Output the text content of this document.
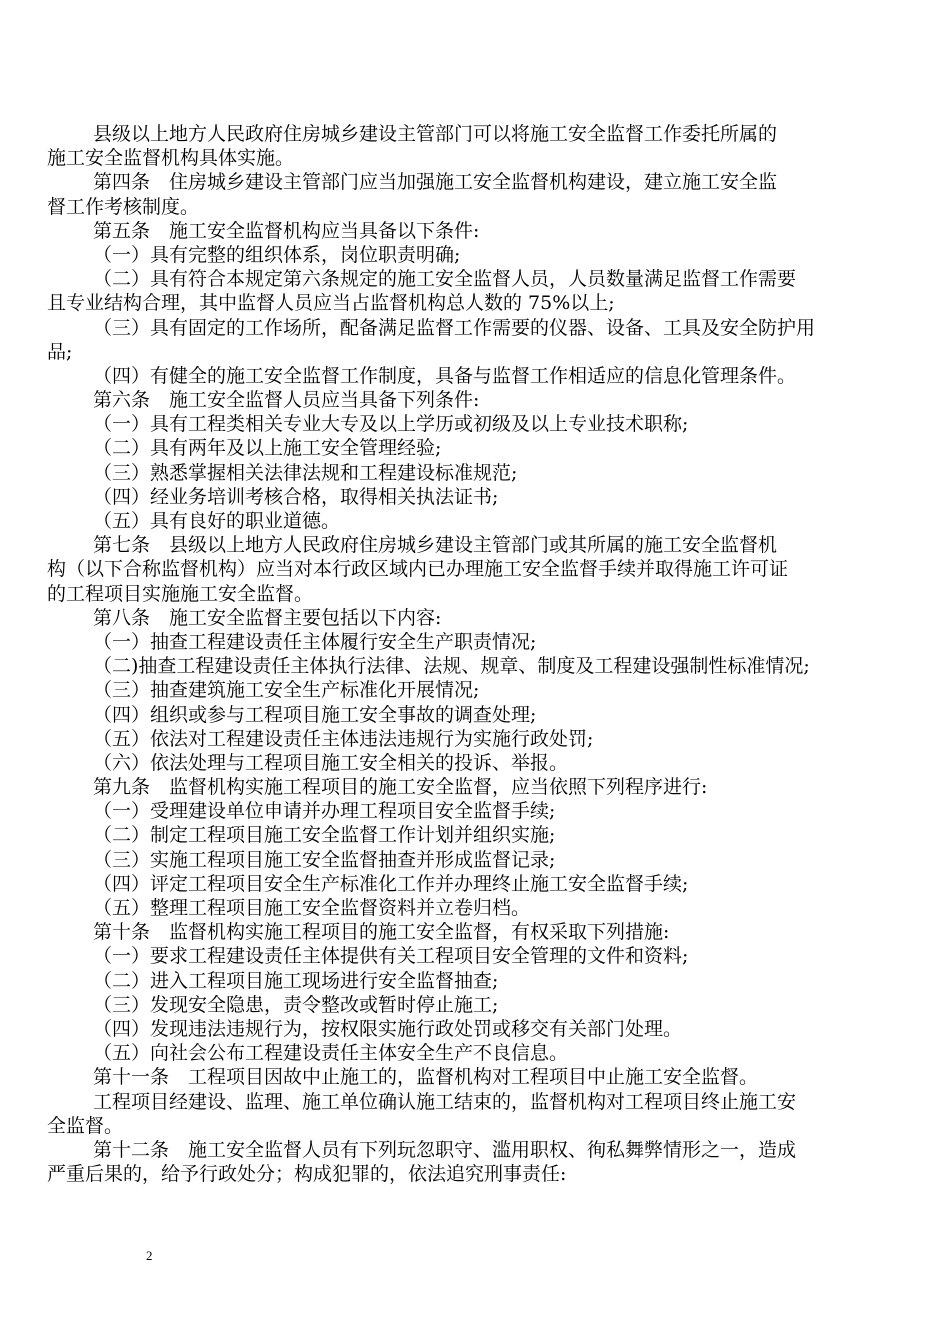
县级以上地方人民政府住房城乡建设主管部门可以将施工安全监督工作委托所属的
施工安全监督机构具体实施。
第四条　住房城乡建设主管部门应当加强施工安全监督机构建设，建立施工安全监
督工作考核制度。
第五条　施工安全监督机构应当具备以下条件:
（一）具有完整的组织体系，岗位职责明确;
（二）具有符合本规定第六条规定的施工安全监督人员，人员数量满足监督工作需要
且专业结构合理，其中监督人员应当占监督机构总人数的 75%以上;
（三）具有固定的工作场所，配备满足监督工作需要的仪器、设备、工具及安全防护用
品;
（四）有健全的施工安全监督工作制度，具备与监督工作相适应的信息化管理条件。
第六条　施工安全监督人员应当具备下列条件:
（一）具有工程类相关专业大专及以上学历或初级及以上专业技术职称;
（二）具有两年及以上施工安全管理经验;
（三）熟悉掌握相关法律法规和工程建设标准规范;
（四）经业务培训考核合格，取得相关执法证书;
（五）具有良好的职业道德。
第七条　县级以上地方人民政府住房城乡建设主管部门或其所属的施工安全监督机
构（以下合称监督机构）应当对本行政区域内已办理施工安全监督手续并取得施工许可证
的工程项目实施施工安全监督。
第八条　施工安全监督主要包括以下内容:
（一）抽查工程建设责任主体履行安全生产职责情况;
（二)抽查工程建设责任主体执行法律、法规、规章、制度及工程建设强制性标准情况;
（三）抽查建筑施工安全生产标准化开展情况;
（四）组织或参与工程项目施工安全事故的调查处理;
（五）依法对工程建设责任主体违法违规行为实施行政处罚;
（六）依法处理与工程项目施工安全相关的投诉、举报。
第九条　监督机构实施工程项目的施工安全监督，应当依照下列程序进行:
（一）受理建设单位申请并办理工程项目安全监督手续;
（二）制定工程项目施工安全监督工作计划并组织实施;
（三）实施工程项目施工安全监督抽查并形成监督记录;
（四）评定工程项目安全生产标准化工作并办理终止施工安全监督手续;
（五）整理工程项目施工安全监督资料并立卷归档。
第十条　监督机构实施工程项目的施工安全监督，有权采取下列措施:
（一）要求工程建设责任主体提供有关工程项目安全管理的文件和资料;
（二）进入工程项目施工现场进行安全监督抽查;
（三）发现安全隐患，责令整改或暂时停止施工;
（四）发现违法违规行为，按权限实施行政处罚或移交有关部门处理。
（五）向社会公布工程建设责任主体安全生产不良信息。
第十一条　工程项目因故中止施工的，监督机构对工程项目中止施工安全监督。
工程项目经建设、监理、施工单位确认施工结束的，监督机构对工程项目终止施工安
全监督。
第十二条　施工安全监督人员有下列玩忽职守、滥用职权、徇私舞弊情形之一，造成
严重后果的，给予行政处分；构成犯罪的，依法追究刑事责任:
2
